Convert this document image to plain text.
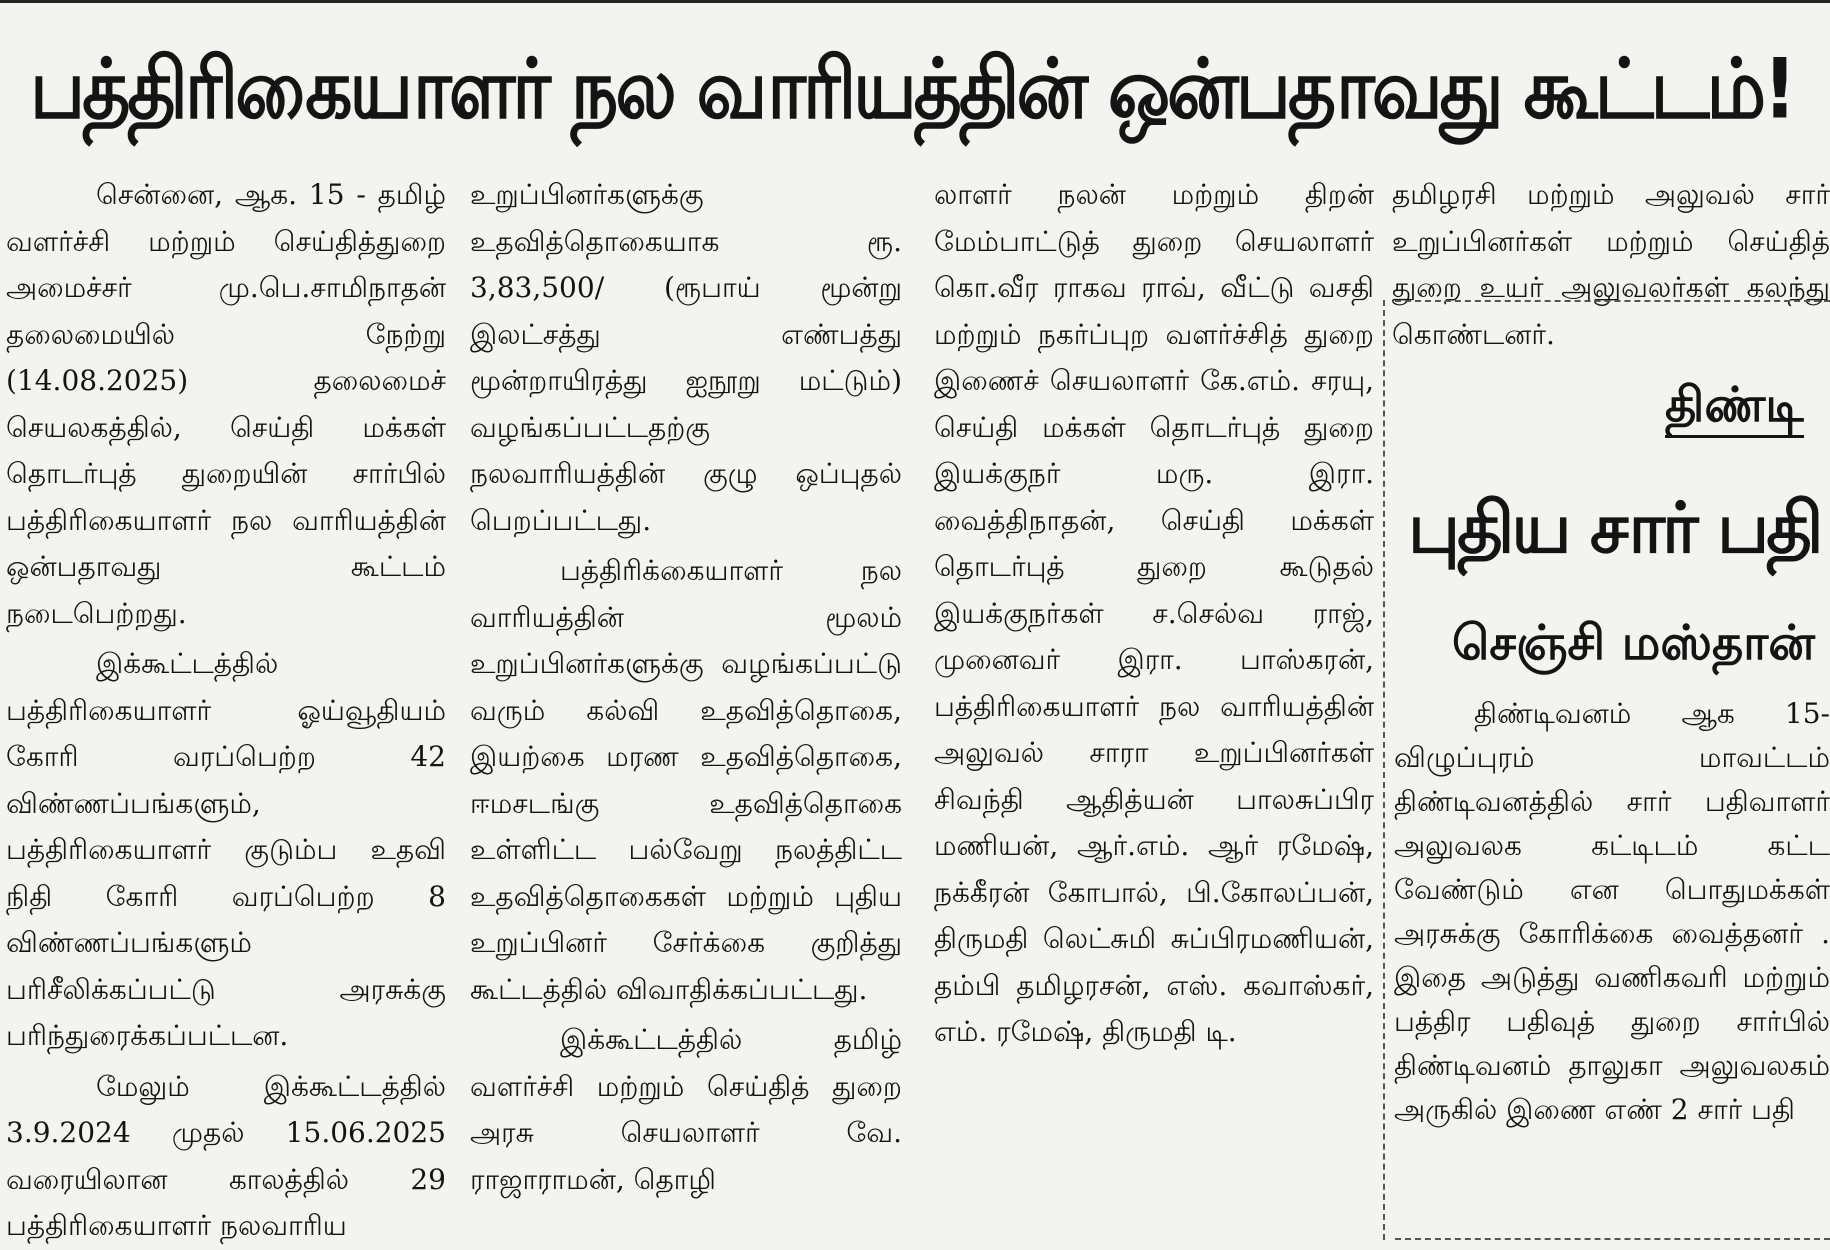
பத்திரிகையாளர் நல வாரியத்தின் ஒன்பதாவது கூட்டம்!

சென்னை, ஆக. 15 - தமிழ் வளர்ச்சி மற்றும் செய்தித்துறை அமைச்சர் மு.பெ.சாமிநாதன் தலைமையில் நேற்று (14.08.2025) தலைமைச் செயலகத்தில், செய்தி மக்கள் தொடர்புத் துறையின் சார்பில் பத்திரிகையாளர் நல வாரியத்தின் ஒன்பதாவது கூட்டம் நடைபெற்றது.

இக்கூட்டத்தில் பத்திரிகையாளர் ஓய்வூதியம் கோரி வரப்பெற்ற 42 விண்ணப்பங்களும், பத்திரிகையாளர் குடும்ப உதவி நிதி கோரி வரப்பெற்ற 8 விண்ணப்பங்களும் பரிசீலிக்கப்பட்டு அரசுக்கு பரிந்துரைக்கப்பட்டன.

மேலும் இக்கூட்டத்தில் 3.9.2024 முதல் 15.06.2025 வரையிலான காலத்தில் 29 பத்திரிகையாளர் நலவாரிய

உறுப்பினர்களுக்கு உதவித்தொகையாக ரூ. 3,83,500/ (ரூபாய் மூன்று இலட்சத்து எண்பத்து மூன்றாயிரத்து ஐநூறு மட்டும்) வழங்கப்பட்டதற்கு நலவாரியத்தின் குழு ஒப்புதல் பெறப்பட்டது.

பத்திரிக்கையாளர் நல வாரியத்தின் மூலம் உறுப்பினர்களுக்கு வழங்கப்பட்டு வரும் கல்வி உதவித்தொகை, இயற்கை மரண உதவித்தொகை, ஈமசடங்கு உதவித்தொகை உள்ளிட்ட பல்வேறு நலத்திட்ட உதவித்தொகைகள் மற்றும் புதிய உறுப்பினர் சேர்க்கை குறித்து கூட்டத்தில் விவாதிக்கப்பட்டது.

இக்கூட்டத்தில் தமிழ் வளர்ச்சி மற்றும் செய்தித் துறை அரசு செயலாளர் வே. ராஜாராமன், தொழி

லாளர் நலன் மற்றும் திறன் மேம்பாட்டுத் துறை செயலாளர் கொ.வீர ராகவ ராவ், வீட்டு வசதி மற்றும் நகர்ப்புற வளர்ச்சித் துறை இணைச் செயலாளர் கே.எம். சரயு, செய்தி மக்கள் தொடர்புத் துறை இயக்குநர் மரு. இரா. வைத்திநாதன், செய்தி மக்கள் தொடர்புத் துறை கூடுதல் இயக்குநர்கள் ச.செல்வ ராஜ், முனைவர் இரா. பாஸ்கரன், பத்திரிகையாளர் நல வாரியத்தின் அலுவல் சாரா உறுப்பினர்கள் சிவந்தி ஆதித்யன் பாலசுப்பிர மணியன், ஆர்.எம். ஆர் ரமேஷ், நக்கீரன் கோபால், பி.கோலப்பன், திருமதி லெட்சுமி சுப்பிரமணியன், தம்பி தமிழரசன், எஸ். கவாஸ்கர், எம். ரமேஷ், திருமதி டி.

தமிழரசி மற்றும் அலுவல் சார் உறுப்பினர்கள் மற்றும் செய்தித் துறை உயர் அலுவலர்கள் கலந்து கொண்டனர்.

திண்டி
புதிய சார் பதி
செஞ்சி மஸ்தான்

திண்டிவனம் ஆக 15- விழுப்புரம் மாவட்டம் திண்டிவனத்தில் சார் பதிவாளர் அலுவலக கட்டிடம் கட்ட வேண்டும் என பொதுமக்கள் அரசுக்கு கோரிக்கை வைத்தனர் . இதை அடுத்து வணிகவரி மற்றும் பத்திர பதிவுத் துறை சார்பில் திண்டிவனம் தாலுகா அலுவலகம் அருகில் இணை எண் 2 சார் பதி
